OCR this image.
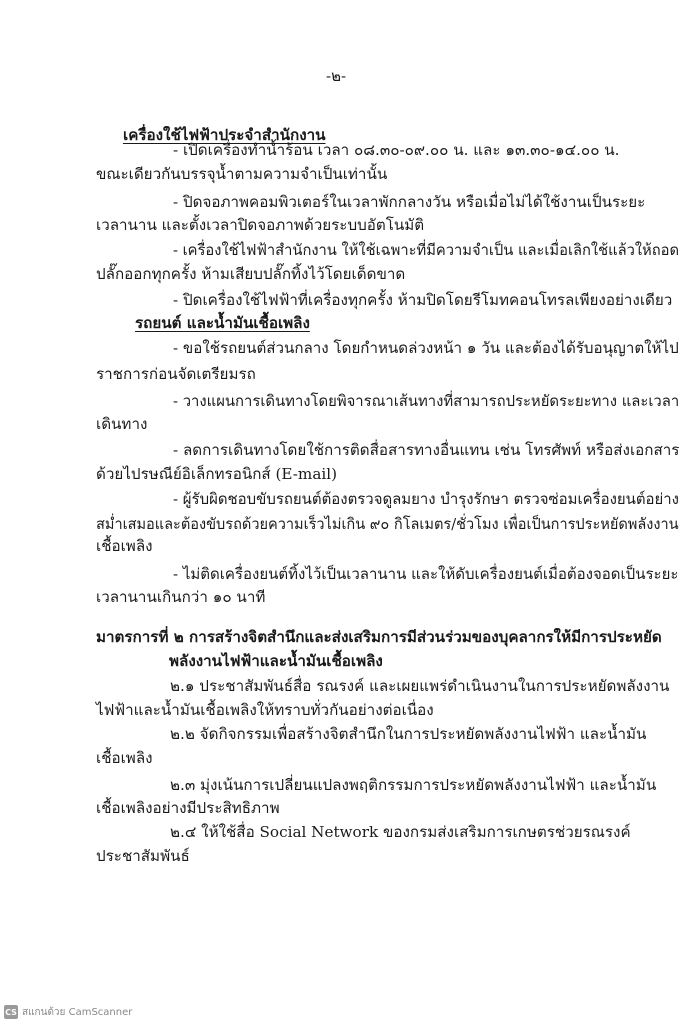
-๒-
เครื่องใช้ไฟฟ้าประจำสำนักงาน
- เปิดเครื่องทำน้ำร้อน เวลา ๐๘.๓๐-๐๙.๐๐ น. และ ๑๓.๓๐-๑๔.๐๐ น.
ขณะเดียวกันบรรจุน้ำตามความจำเป็นเท่านั้น
- ปิดจอภาพคอมพิวเตอร์ในเวลาพักกลางวัน หรือเมื่อไม่ได้ใช้งานเป็นระยะ
เวลานาน และตั้งเวลาปิดจอภาพด้วยระบบอัตโนมัติ
- เครื่องใช้ไฟฟ้าสำนักงาน ให้ใช้เฉพาะที่มีความจำเป็น และเมื่อเลิกใช้แล้วให้ถอด
ปลั๊กออกทุกครั้ง ห้ามเสียบปลั๊กทิ้งไว้โดยเด็ดขาด
- ปิดเครื่องใช้ไฟฟ้าที่เครื่องทุกครั้ง ห้ามปิดโดยรีโมทคอนโทรลเพียงอย่างเดียว
รถยนต์ และน้ำมันเชื้อเพลิง
- ขอใช้รถยนต์ส่วนกลาง โดยกำหนดล่วงหน้า ๑ วัน และต้องได้รับอนุญาตให้ไป
ราชการก่อนจัดเตรียมรถ
- วางแผนการเดินทางโดยพิจารณาเส้นทางที่สามารถประหยัดระยะทาง และเวลา
เดินทาง
- ลดการเดินทางโดยใช้การติดสื่อสารทางอื่นแทน เช่น โทรศัพท์ หรือส่งเอกสาร
ด้วยไปรษณีย์อิเล็กทรอนิกส์ (E-mail)
- ผู้รับผิดชอบขับรถยนต์ต้องตรวจดูลมยาง บำรุงรักษา ตรวจซ่อมเครื่องยนต์อย่าง
สม่ำเสมอและต้องขับรถด้วยความเร็วไม่เกิน ๙๐ กิโลเมตร/ชั่วโมง เพื่อเป็นการประหยัดพลังงาน
เชื้อเพลิง
- ไม่ติดเครื่องยนต์ทิ้งไว้เป็นเวลานาน และให้ดับเครื่องยนต์เมื่อต้องจอดเป็นระยะ
เวลานานเกินกว่า ๑๐ นาที
มาตรการที่ ๒ การสร้างจิตสำนึกและส่งเสริมการมีส่วนร่วมของบุคลากรให้มีการประหยัด
พลังงานไฟฟ้าและน้ำมันเชื้อเพลิง
๒.๑ ประชาสัมพันธ์สื่อ รณรงค์ และเผยแพร่ดำเนินงานในการประหยัดพลังงาน
ไฟฟ้าและน้ำมันเชื้อเพลิงให้ทราบทั่วกันอย่างต่อเนื่อง
๒.๒ จัดกิจกรรมเพื่อสร้างจิตสำนึกในการประหยัดพลังงานไฟฟ้า และน้ำมัน
เชื้อเพลิง
๒.๓ มุ่งเน้นการเปลี่ยนแปลงพฤติกรรมการประหยัดพลังงานไฟฟ้า และน้ำมัน
เชื้อเพลิงอย่างมีประสิทธิภาพ
๒.๔ ให้ใช้สื่อ Social Network ของกรมส่งเสริมการเกษตรช่วยรณรงค์
ประชาสัมพันธ์
CS สแกนด้วย CamScanner
